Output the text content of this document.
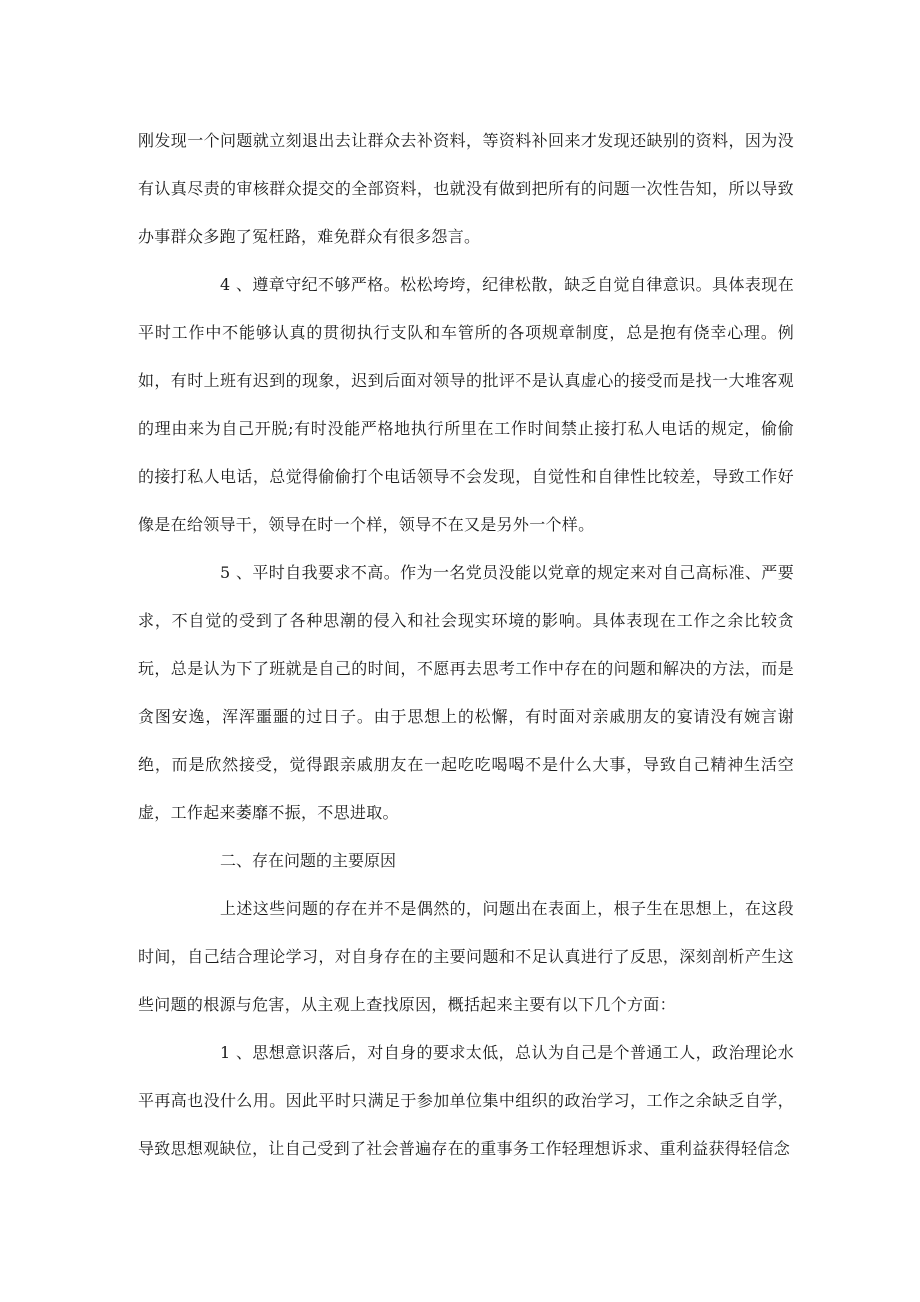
刚发现一个问题就立刻退出去让群众去补资料，等资料补回来才发现还缺别的资料，因为没有认真尽责的审核群众提交的全部资料，也就没有做到把所有的问题一次性告知，所以导致办事群众多跑了冤枉路，难免群众有很多怨言。

4 、遵章守纪不够严格。松松垮垮，纪律松散，缺乏自觉自律意识。具体表现在平时工作中不能够认真的贯彻执行支队和车管所的各项规章制度，总是抱有侥幸心理。例如，有时上班有迟到的现象，迟到后面对领导的批评不是认真虚心的接受而是找一大堆客观的理由来为自己开脱;有时没能严格地执行所里在工作时间禁止接打私人电话的规定，偷偷的接打私人电话，总觉得偷偷打个电话领导不会发现，自觉性和自律性比较差，导致工作好像是在给领导干，领导在时一个样，领导不在又是另外一个样。

5 、平时自我要求不高。作为一名党员没能以党章的规定来对自己高标准、严要求，不自觉的受到了各种思潮的侵入和社会现实环境的影响。具体表现在工作之余比较贪玩，总是认为下了班就是自己的时间，不愿再去思考工作中存在的问题和解决的方法，而是贪图安逸，浑浑噩噩的过日子。由于思想上的松懈，有时面对亲戚朋友的宴请没有婉言谢绝，而是欣然接受，觉得跟亲戚朋友在一起吃吃喝喝不是什么大事，导致自己精神生活空虚，工作起来萎靡不振，不思进取。

二、存在问题的主要原因

上述这些问题的存在并不是偶然的，问题出在表面上，根子生在思想上，在这段时间，自己结合理论学习，对自身存在的主要问题和不足认真进行了反思，深刻剖析产生这些问题的根源与危害，从主观上查找原因，概括起来主要有以下几个方面：

1 、思想意识落后，对自身的要求太低，总认为自己是个普通工人，政治理论水平再高也没什么用。因此平时只满足于参加单位集中组织的政治学习，工作之余缺乏自学，导致思想观缺位，让自己受到了社会普遍存在的重事务工作轻理想诉求、重利益获得轻信念
